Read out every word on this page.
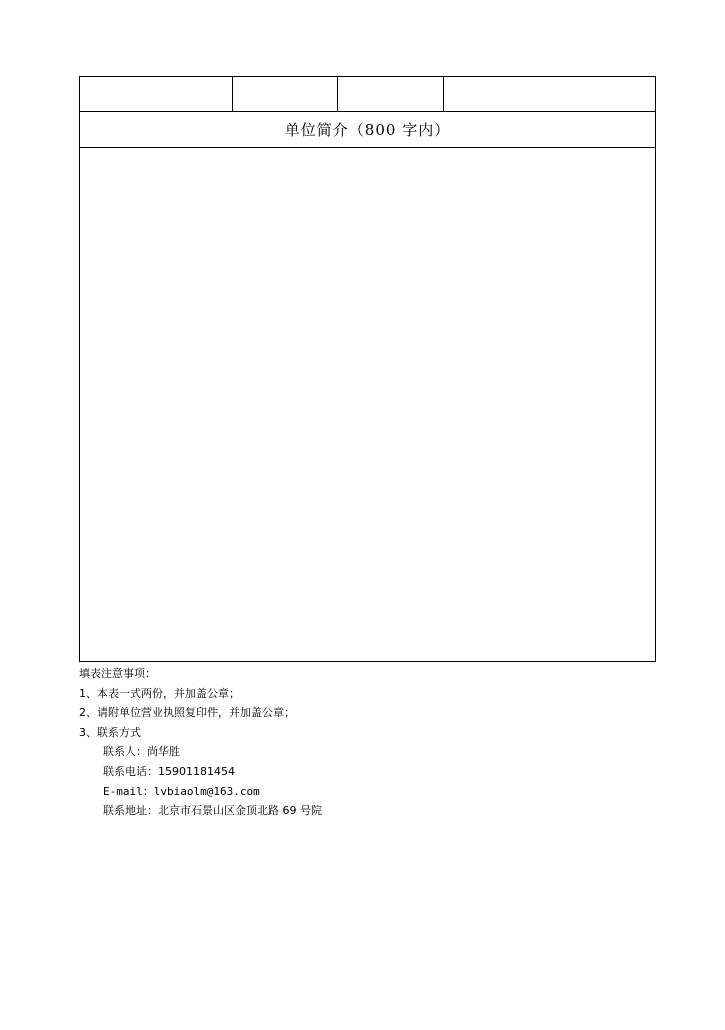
单位简介（800 字内）
填表注意事项：
1、本表一式两份，并加盖公章；
2、请附单位营业执照复印件，并加盖公章；
3、联系方式
联系人：尚华胜
联系电话：15901181454
E-mail：lvbiaolm@163.com
联系地址：北京市石景山区金顶北路 69 号院
